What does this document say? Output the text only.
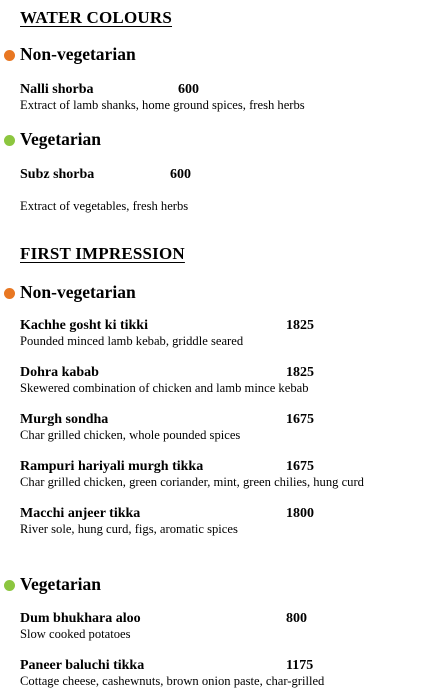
WATER COLOURS
Non-vegetarian
Nalli shorba	600
Extract of lamb shanks, home ground spices, fresh herbs
Vegetarian
Subz shorba	600
Extract of vegetables, fresh herbs
FIRST IMPRESSION
Non-vegetarian
Kachhe gosht ki tikki	1825
Pounded minced lamb kebab, griddle seared
Dohra kabab	1825
Skewered combination of chicken and lamb mince kebab
Murgh sondha	1675
Char grilled chicken, whole pounded spices
Rampuri hariyali murgh tikka	1675
Char grilled chicken, green coriander, mint, green chilies, hung curd
Macchi anjeer tikka	1800
River sole, hung curd, figs, aromatic spices
Vegetarian
Dum bhukhara aloo	800
Slow cooked potatoes
Paneer baluchi tikka	1175
Cottage cheese, cashewnuts, brown onion paste, char-grilled
